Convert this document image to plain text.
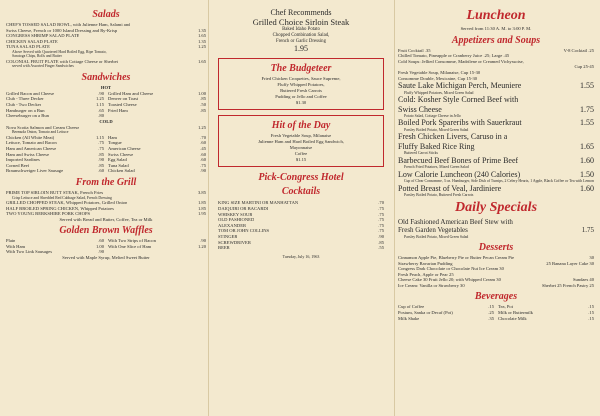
Salads
CHEF'S TOSSED SALAD BOWL, with Julienne Ham, Salami and
Swiss Cheese, French or 1000 Island Dressing and Ry-Krisp	1.35
CONGRESS SHRIMP SALAD PLATE	1.65
CHICKEN SALAD PLATE	1.35
TUNA SALAD PLATE	1.25
Above Served with Quartered Hard Boiled Egg, Ripe Tomato,
Saratoga Chips, Rolls and Butter
COLONIAL FRUIT PLATE with Cottage Cheese or Sherbet	1.65
served with Assorted Finger Sandwiches
Sandwiches
HOT
Grilled Bacon and Cheese	.90
Club - Three Decker	1.25
Club - Two Decker	1.15
Hamburger on a Bun	.65
Cheeseburger on a Bun	.80
Grilled Ham and Cheese	1.00
Denver on Toast	.85
Toasted Cheese	.50
Fried Ham	.85
COLD
Nova Scotia Salmon and Cream Cheese	1.25
Bermuda Onion, Tomato and Lettuce
Chicken (All White Meat)	1.15
Lettuce, Tomato and Bacon	.75
Ham and American Cheese	.75
Ham and Swiss Cheese	.85
Imported Sardines	.90
Corned Beef	.85
Braunschweiger Liver Sausage	.60
Ham	.70
Tongue	.60
American Cheese	.45
Swiss Cheese	.60
Egg Salad	.60
Tuna Salad	.75
Chicken Salad	.90
From the Grill
PRIME TOP SIRLOIN BUTT STEAK, French Fries	3.85
Crisp Lettuce and Shredded Red Cabbage Salad, French Dressing
GRILLED CHOPPED STEAK, Whipped Potatoes, Grilled Onion	1.85
HALF BROILED SPRING CHICKEN, Whipped Potatoes	1.85
TWO YOUNG BERKSHIRE PORK CHOPS	1.95
Served with Bread and Butter, Coffee, Tea or Milk
Golden Brown Waffles
Plain	.60
With Ham	1.00
With Two Link Sausages	.90
With Two Strips of Bacon	.90
With One Slice of Ham	1.20
Served with Maple Syrup, Melted Sweet Butter
Chef Recommends
Grilled Choice Sirloin Steak
Baked Idaho Potato
Chopped Combination Salad,
French or Garlic Dressing
1.95
The Budgeteer
Fried Chicken Croquettes, Sauce Supreme,
Fluffy Whipped Potatoes,
Buttered Fresh Carrots
Pudding or Jello and Coffee
$1.30
Hit of the Day
Fresh Vegetable Soup, Milanaise
Julienne Ham and Hard Boiled Egg Sandwich,
Mayonnaise
Coffee
$1.15
Pick-Congress Hotel
Cocktails
KING SIZE MARTINI OR MANHATTAN	.70
DAIQUIRI OR BACARDI	.75
WHISKEY SOUR	.75
OLD FASHIONED	.75
ALEXANDER	.75
TOM OR JOHN COLLINS	.75
STINGER	.90
SCREWDRIVER	.85
BEER	.55
Tuesday, July 16, 1963
Luncheon
Served from 11:30 A. M. to 3:00 P. M.
Appetizers and Soups
Fruit Cocktail .35	V-8 Cocktail .25
Chilled Tomato, Pineapple or Cranberry Juice .25; Large .45
Cold Soups: Jellied Consomme, Madrilene or Creamed Vichyssoise,
Cup 25-45
Fresh Vegetable Soup, Milanaise, Cup 15-30
Consomme Double, Mexicaine, Cup 15-30
Saute Lake Michigan Perch, Meuniere	1.55
Fluffy Whipped Potatoes, Mixed Green Salad
Cold: Kosher Style Corned Beef with
Swiss Cheese	1.75
Potato Salad, Cottage Cheese in Jello
Boiled Pork Spareribs with Sauerkraut	1.55
Parsley Boiled Potato, Mixed Green Salad
Fresh Chicken Livers, Caruso in a
Fluffy Baked Rice Ring	1.65
Buttered Carrot Sticks
Barbecued Beef Bones of Prime Beef	1.60
French Fried Potatoes, Mixed Green Salad
Low Calorie Luncheon (240 Calories)	1.50
Cup of Clear Consomme, 3 oz. Hamburger, Side Dish of Turnips, 2 Celery Hearts, 1 Apple, Black Coffee or Tea with Lemon
Potted Breast of Veal, Jardiniere	1.60
Parsley Boiled Potato, Buttered Fresh Carrots
Daily Specials
Old Fashioned American Beef Stew with
Fresh Garden Vegetables	1.75
Parsley Boiled Potato, Mixed Green Salad
Desserts
Cinnamon Apple Pie, Blueberry Pie or Butter Pecan Cream Pie	30
Strawberry Bavarian Pudding	25 Banana Layer Cake 30
Congress Dark Chocolate or Chocolate Nut Ice Cream 30
Fresh Peach, Apple or Pear 25
Cheese Cake 30 Fruit Jello 20; with Whipped Cream 30	Sundaes 40
Ice Cream: Vanilla or Strawberry 30	Sherbet 25 French Pastry 25
Beverages
Cup of Coffee	.15
Postum, Sanka or Decaf (Pot)	.25
Milk Shake	.35
Tea, Pot	.15
Milk or Buttermilk	.15
Chocolate Milk	.15
